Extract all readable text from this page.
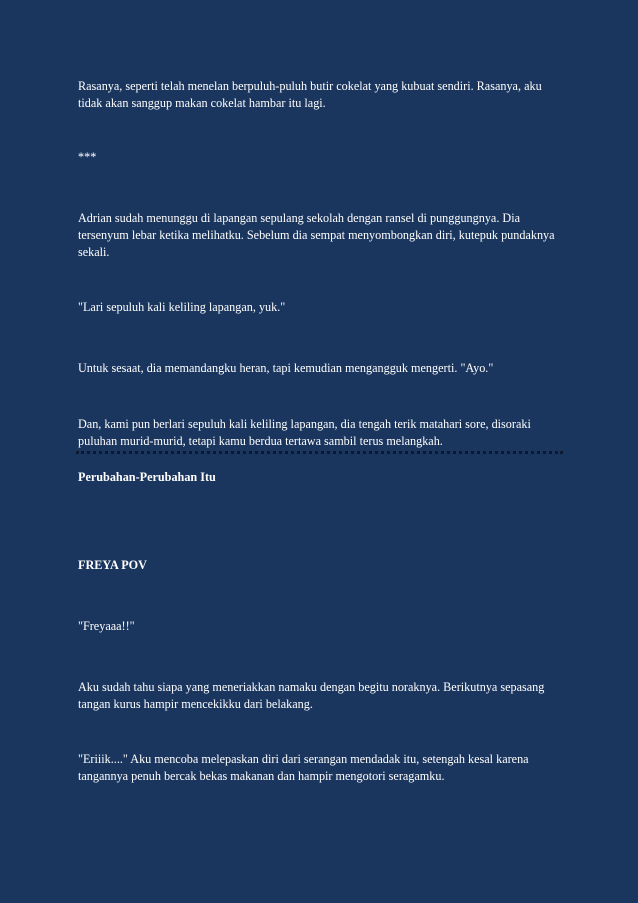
Rasanya, seperti telah menelan berpuluh-puluh butir cokelat yang kubuat sendiri. Rasanya, aku tidak akan sanggup makan cokelat hambar itu lagi.

***

Adrian sudah menunggu di lapangan sepulang sekolah dengan ransel di punggungnya. Dia tersenyum lebar ketika melihatku. Sebelum dia sempat menyombongkan diri, kutepuk pundaknya sekali.

"Lari sepuluh kali keliling lapangan, yuk."

Untuk sesaat, dia memandangku heran, tapi kemudian mengangguk mengerti. "Ayo."

Dan, kami pun berlari sepuluh kali keliling lapangan, dia tengah terik matahari sore, disoraki puluhan murid-murid, tetapi kamu berdua tertawa sambil terus melangkah.

Perubahan-Perubahan Itu

FREYA POV

"Freyaaa!!"

Aku sudah tahu siapa yang meneriakkan namaku dengan begitu noraknya. Berikutnya sepasang tangan kurus hampir mencekikku dari belakang.

"Eriiik...." Aku mencoba melepaskan diri dari serangan mendadak itu, setengah kesal karena tangannya penuh bercak bekas makanan dan hampir mengotori seragamku.
